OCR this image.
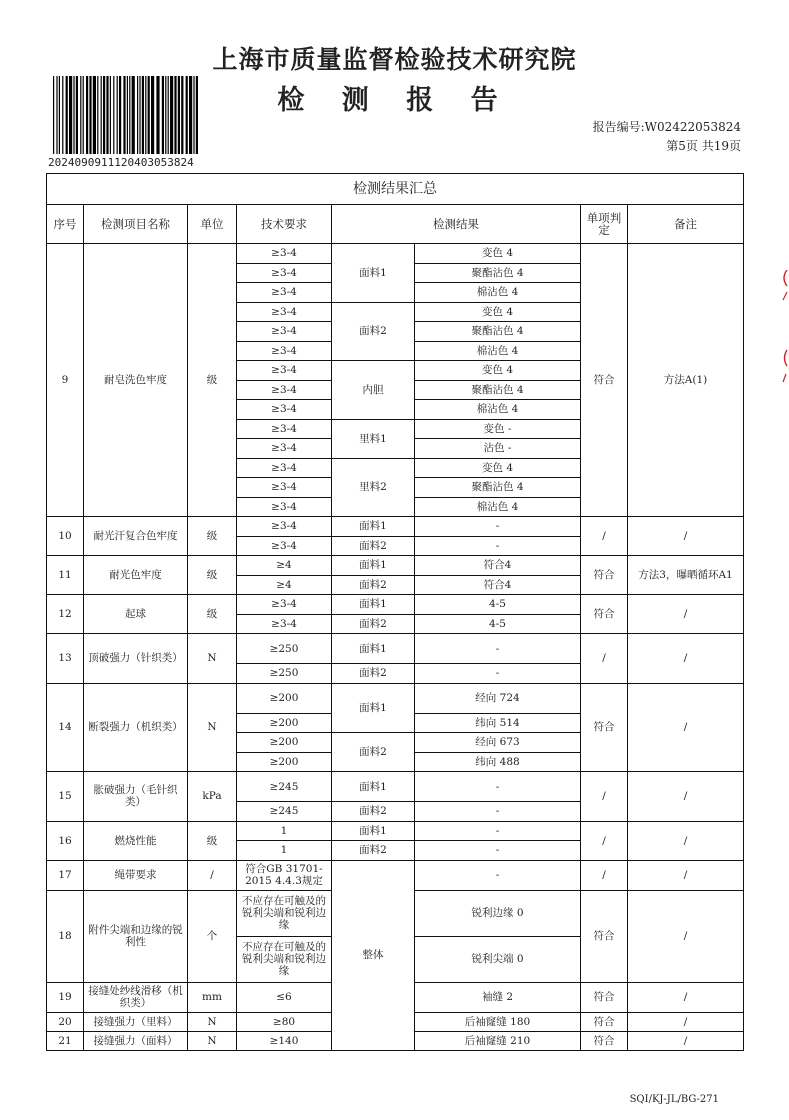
上海市质量监督检验技术研究院
检 测 报 告
20240909111204030538​24
报告编号:W02422053824
第5页 共19页
检测结果汇总							
序号	检测项目名称	单位	技术要求	检测结果		单项判定	备注
9	耐皂洗色牢度	级	≥3-4	面料1	变色 4	符合	方法A(1)
			≥3-4		聚酯沾色 4		
			≥3-4		棉沾色 4		
			≥3-4	面料2	变色 4		
			≥3-4		聚酯沾色 4		
			≥3-4		棉沾色 4		
			≥3-4	内胆	变色 4		
			≥3-4		聚酯沾色 4		
			≥3-4		棉沾色 4		
			≥3-4	里料1	变色 -		
			≥3-4		沾色 -		
			≥3-4	里料2	变色 4		
			≥3-4		聚酯沾色 4		
			≥3-4		棉沾色 4		
10	耐光汗复合色牢度	级	≥3-4	面料1	-	/	/
			≥3-4	面料2	-		
11	耐光色牢度	级	≥4	面料1	符合4	符合	方法3，曝晒循环A1
			≥4	面料2	符合4		
12	起球	级	≥3-4	面料1	4-5	符合	/
			≥3-4	面料2	4-5		
13	顶破强力（针织类）	N	≥250	面料1	-	/	/
			≥250	面料2	-		
14	断裂强力（机织类）	N	≥200	面料1	经向 724	符合	/
			≥200		纬向 514		
			≥200	面料2	经向 673		
			≥200		纬向 488		
15	胀破强力（毛针织类）	kPa	≥245	面料1	-	/	/
			≥245	面料2	-		
16	燃烧性能	级	1	面料1	-	/	/
			1	面料2	-		
17	绳带要求	/	符合GB 31701-2015 4.4.3规定	整体	-	/	/
18	附件尖端和边缘的锐利性	个	不应存在可触及的锐利尖端和锐利边缘		锐利边缘 0	符合	/
			不应存在可触及的锐利尖端和锐利边缘		锐利尖端 0		
19	接缝处纱线滑移（机织类）	mm	≤6		袖缝 2	符合	/
20	接缝强力（里料）	N	≥80		后袖窿缝 180	符合	/
21	接缝强力（面料）	N	≥140		后袖窿缝 210	符合	/
SQI/KJ-JL/BG-271
